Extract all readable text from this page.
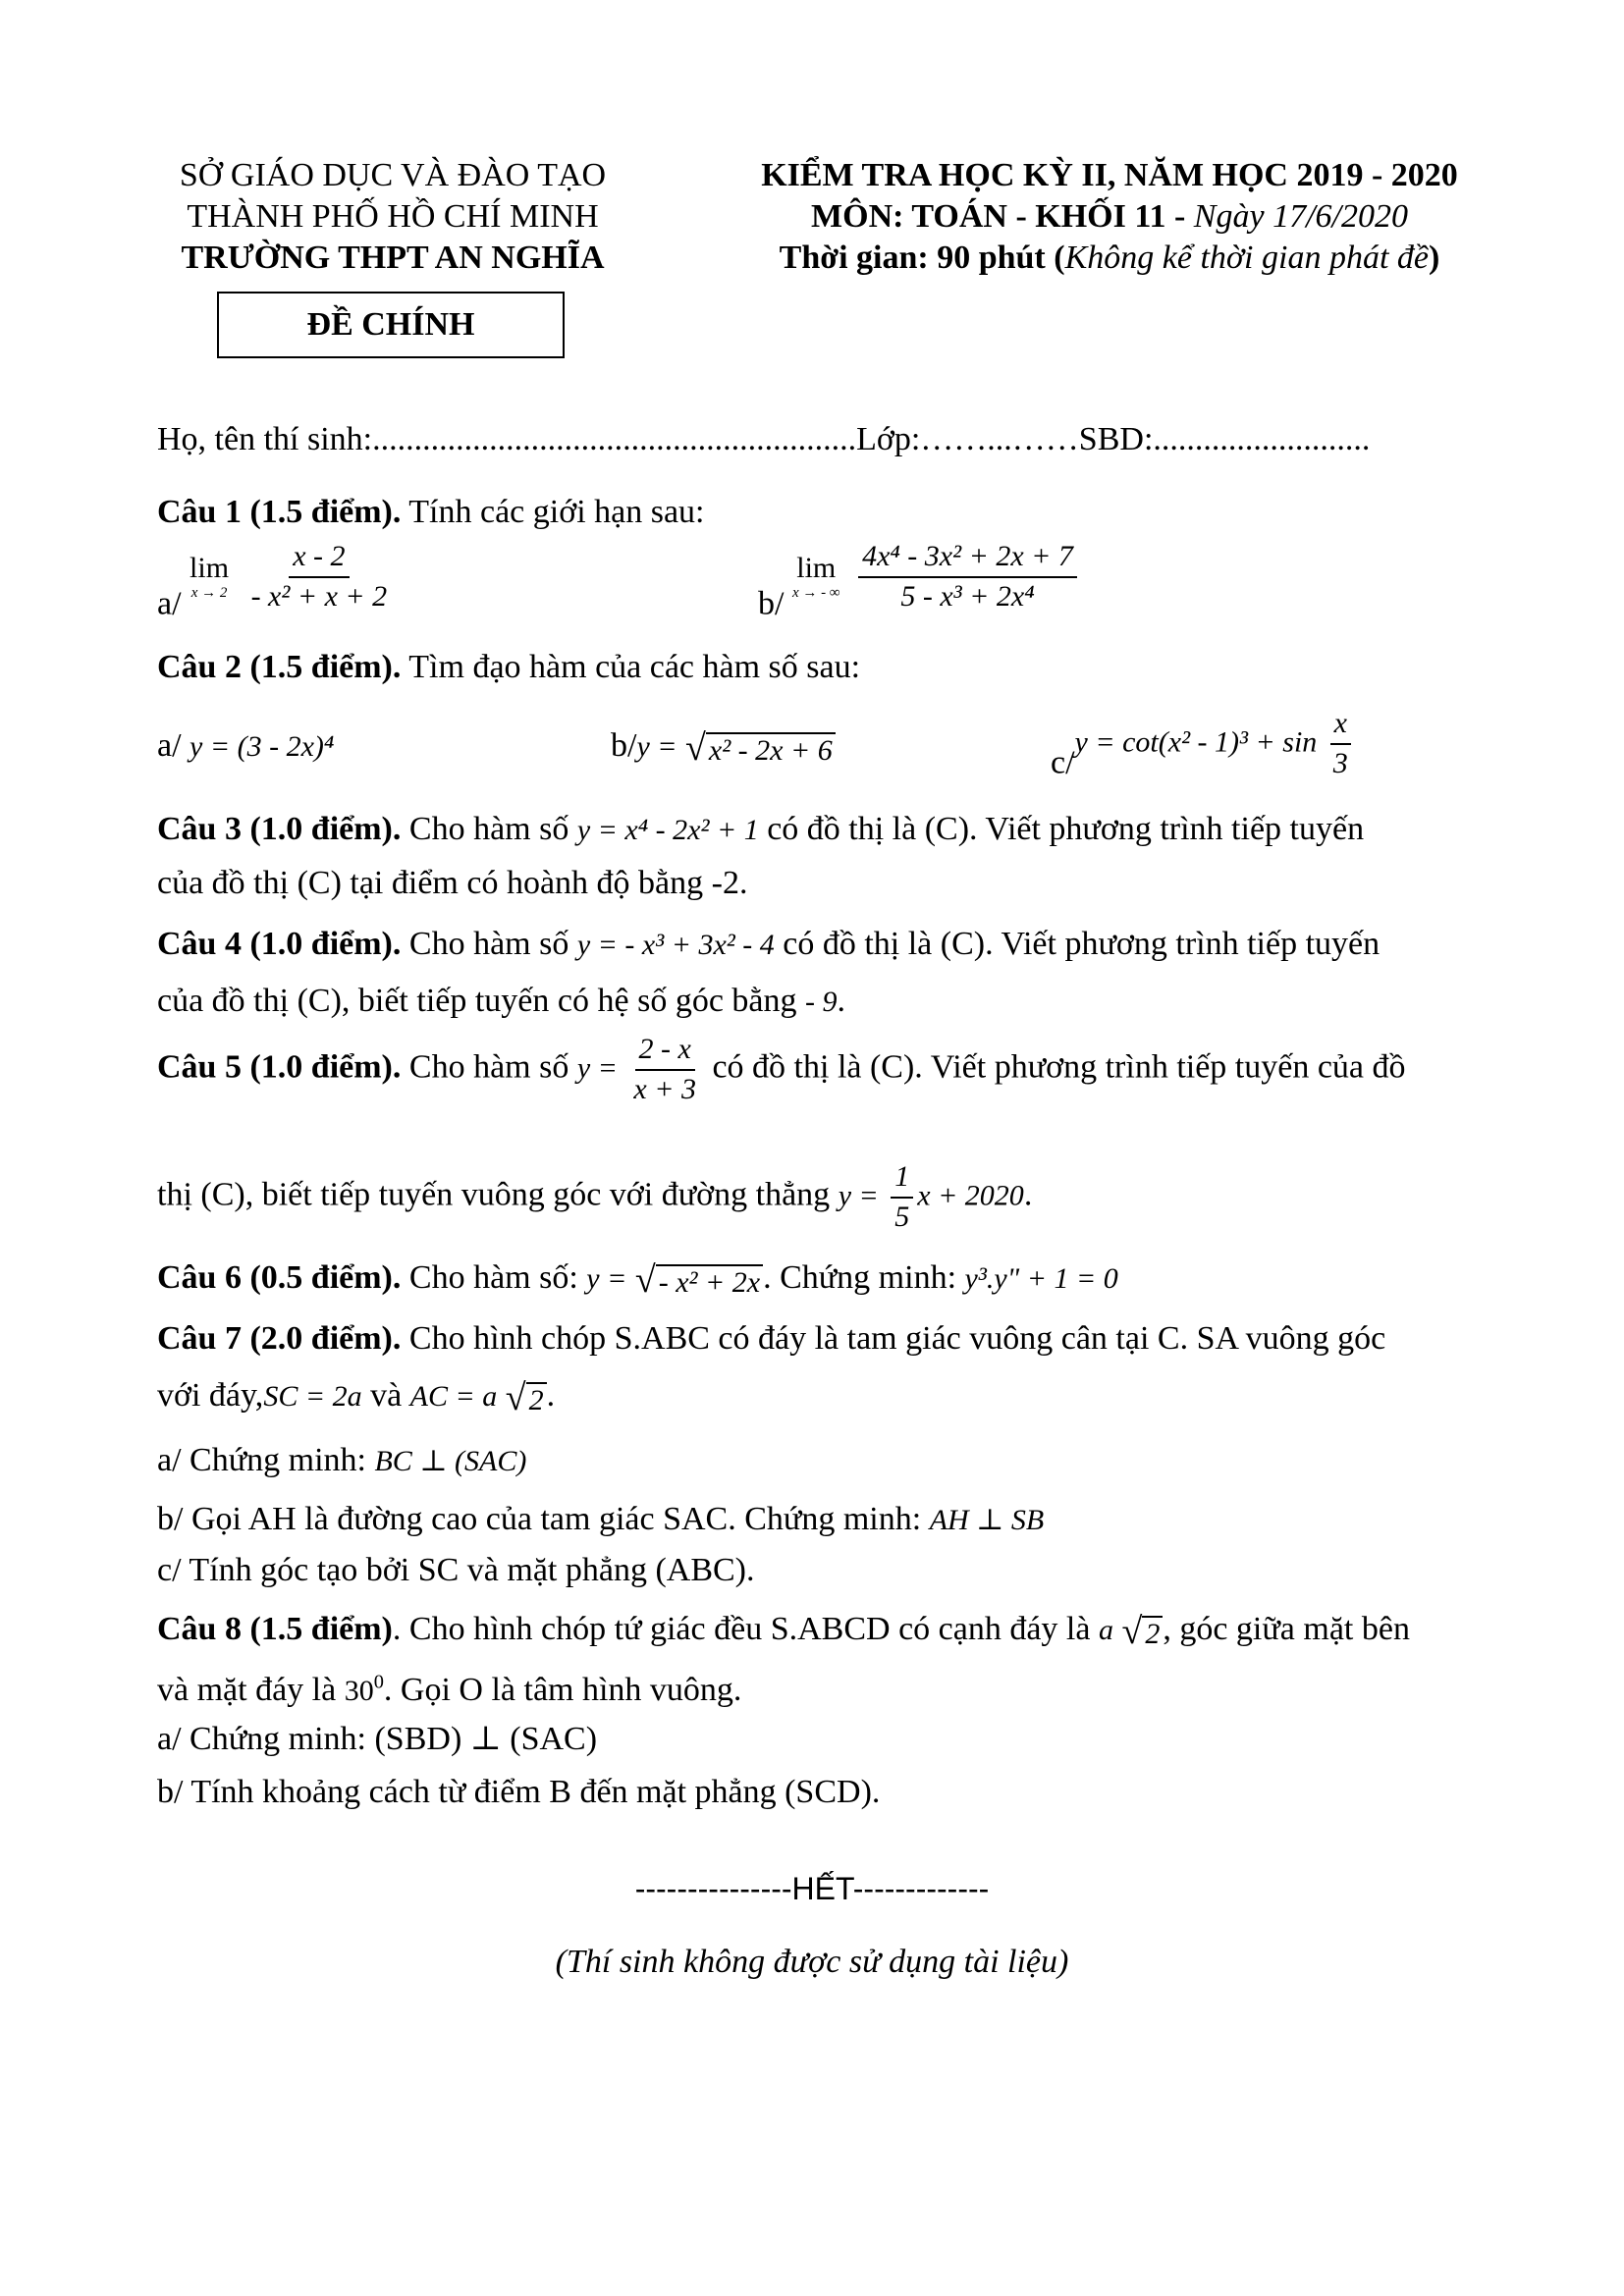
SỞ GIÁO DỤC VÀ ĐÀO TẠO
THÀNH PHỐ HỒ CHÍ MINH
TRƯỜNG THPT AN NGHĨA
ĐỀ CHÍNH
KIỂM TRA HỌC KỲ II, NĂM HỌC 2019 - 2020
MÔN: TOÁN - KHỐI 11 - Ngày 17/6/2020
Thời gian: 90 phút (Không kể thời gian phát đề)
Họ, tên thí sinh:..........................................................Lớp:……...……SBD:..........................
Câu 1 (1.5 điểm). Tính các giới hạn sau:
a/
lim
x → 2
$\frac{x - 2}{\text{- x² + x + 2}}$	b/
lim
x → - ∞
$\frac{\text{4x⁴ - 3x² + 2x + 7}}{\text{5 - x³ + 2x⁴}}$
Câu 2 (1.5 điểm). Tìm đạo hàm của các hàm số sau:
a/ y = (3 - 2x)⁴	b/y = √ x² - 2x + 6	$c/y = \cot(x^2 - 1)^3 + \sin \frac{x}{3}$
Câu 3 (1.0 điểm). Cho hàm số y = x⁴ - 2x² + 1 có đồ thị là (C). Viết phương trình tiếp tuyến
của đồ thị (C) tại điểm có hoành độ bằng -2.
Câu 4 (1.0 điểm). Cho hàm số y = - x³ + 3x² - 4 có đồ thị là (C). Viết phương trình tiếp tuyến
của đồ thị (C), biết tiếp tuyến có hệ số góc bằng - 9.
Câu 5 (1.0 điểm). Cho hàm số $y = \frac{2 - x}{x + 3}$ có đồ thị là (C). Viết phương trình tiếp tuyến của đồ
thị (C), biết tiếp tuyến vuông góc với đường thẳng $y = \frac{1}{5}$ x + 2020.
Câu 6 (0.5 điểm). Cho hàm số: y = √ - x² + 2x . Chứng minh: y³.y" + 1 = 0
Câu 7 (2.0 điểm). Cho hình chóp S.ABC có đáy là tam giác vuông cân tại C. SA vuông góc
với đáy,SC = 2a và AC = a √ 2 .
a/ Chứng minh: BC ⊥ (SAC)
b/ Gọi AH là đường cao của tam giác SAC. Chứng minh: AH ⊥ SB
c/ Tính góc tạo bởi SC và mặt phẳng (ABC).
Câu 8 (1.5 điểm). Cho hình chóp tứ giác đều S.ABCD có cạnh đáy là a √ 2 , góc giữa mặt bên
và mặt đáy là $30^0$. Gọi O là tâm hình vuông.
a/ Chứng minh: (SBD) ⊥ (SAC)
b/ Tính khoảng cách từ điểm B đến mặt phẳng (SCD).
---------------HẾT-------------
(Thí sinh không được sử dụng tài liệu)
